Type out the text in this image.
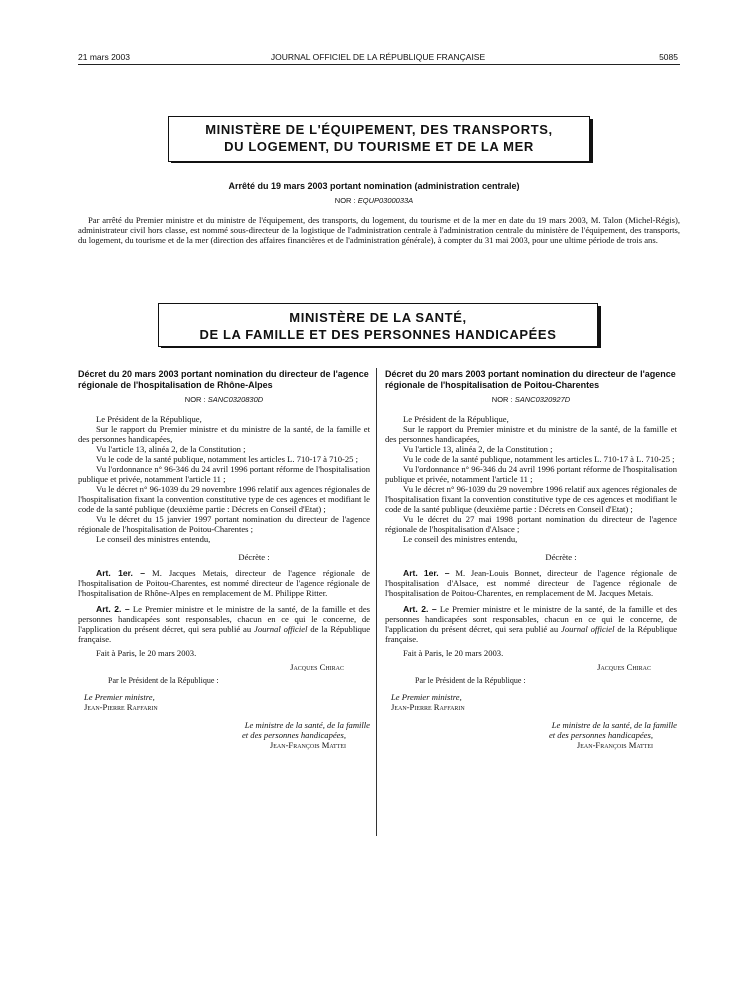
21 mars 2003	JOURNAL OFFICIEL DE LA RÉPUBLIQUE FRANÇAISE	5085
MINISTÈRE DE L'ÉQUIPEMENT, DES TRANSPORTS,
DU LOGEMENT, DU TOURISME ET DE LA MER
Arrêté du 19 mars 2003 portant nomination (administration centrale)
NOR : EQUP0300033A
Par arrêté du Premier ministre et du ministre de l'équipement, des transports, du logement, du tourisme et de la mer en date du 19 mars 2003, M. Talon (Michel-Régis), administrateur civil hors classe, est nommé sous-directeur de la logistique de l'administration centrale à l'administration centrale du ministère de l'équipement, des transports, du logement, du tourisme et de la mer (direction des affaires financières et de l'administration générale), à compter du 31 mai 2003, pour une ultime période de trois ans.
MINISTÈRE DE LA SANTÉ,
DE LA FAMILLE ET DES PERSONNES HANDICAPÉES

Décret du 20 mars 2003 portant nomination du directeur de l'agence régionale de l'hospitalisation de Rhône-Alpes

NOR : SANC0320830D

Le Président de la République,

Sur le rapport du Premier ministre et du ministre de la santé, de la famille et des personnes handicapées,

Vu l'article 13, alinéa 2, de la Constitution ;

Vu le code de la santé publique, notamment les articles L. 710-17 à 710-25 ;

Vu l'ordonnance n° 96-346 du 24 avril 1996 portant réforme de l'hospitalisation publique et privée, notamment l'article 11 ;

Vu le décret n° 96-1039 du 29 novembre 1996 relatif aux agences régionales de l'hospitalisation fixant la convention constitutive type de ces agences et modifiant le code de la santé publique (deuxième partie : Décrets en Conseil d'Etat) ;

Vu le décret du 15 janvier 1997 portant nomination du directeur de l'agence régionale de l'hospitalisation de Poitou-Charentes ;

Le conseil des ministres entendu,

Décrète :

Art. 1er. – M. Jacques Metais, directeur de l'agence régionale de l'hospitalisation de Poitou-Charentes, est nommé directeur de l'agence régionale de l'hospitalisation de Rhône-Alpes en remplacement de M. Philippe Ritter.

Art. 2. – Le Premier ministre et le ministre de la santé, de la famille et des personnes handicapées sont responsables, chacun en ce qui le concerne, de l'application du présent décret, qui sera publié au Journal officiel de la République française.

Fait à Paris, le 20 mars 2003.

Jacques Chirac

Par le Président de la République :

Le Premier ministre,

Jean-Pierre Raffarin

Le ministre de la santé, de la famille

et des personnes handicapées,

Jean-François Mattei

Décret du 20 mars 2003 portant nomination du directeur de l'agence régionale de l'hospitalisation de Poitou-Charentes

NOR : SANC0320927D

Le Président de la République,

Sur le rapport du Premier ministre et du ministre de la santé, de la famille et des personnes handicapées,

Vu l'article 13, alinéa 2, de la Constitution ;

Vu le code de la santé publique, notamment les articles L. 710-17 à L. 710-25 ;

Vu l'ordonnance n° 96-346 du 24 avril 1996 portant réforme de l'hospitalisation publique et privée, notamment l'article 11 ;

Vu le décret n° 96-1039 du 29 novembre 1996 relatif aux agences régionales de l'hospitalisation fixant la convention constitutive type de ces agences et modifiant le code de la santé publique (deuxième partie : Décrets en Conseil d'Etat) ;

Vu le décret du 27 mai 1998 portant nomination du directeur de l'agence régionale de l'hospitalisation d'Alsace ;

Le conseil des ministres entendu,

Décrète :

Art. 1er. – M. Jean-Louis Bonnet, directeur de l'agence régionale de l'hospitalisation d'Alsace, est nommé directeur de l'agence régionale de l'hospitalisation de Poitou-Charentes, en remplacement de M. Jacques Metais.

Art. 2. – Le Premier ministre et le ministre de la santé, de la famille et des personnes handicapées sont responsables, chacun en ce qui le concerne, de l'application du présent décret, qui sera publié au Journal officiel de la République française.

Fait à Paris, le 20 mars 2003.

Jacques Chirac

Par le Président de la République :

Le Premier ministre,

Jean-Pierre Raffarin

Le ministre de la santé, de la famille

et des personnes handicapées,

Jean-François Mattei
